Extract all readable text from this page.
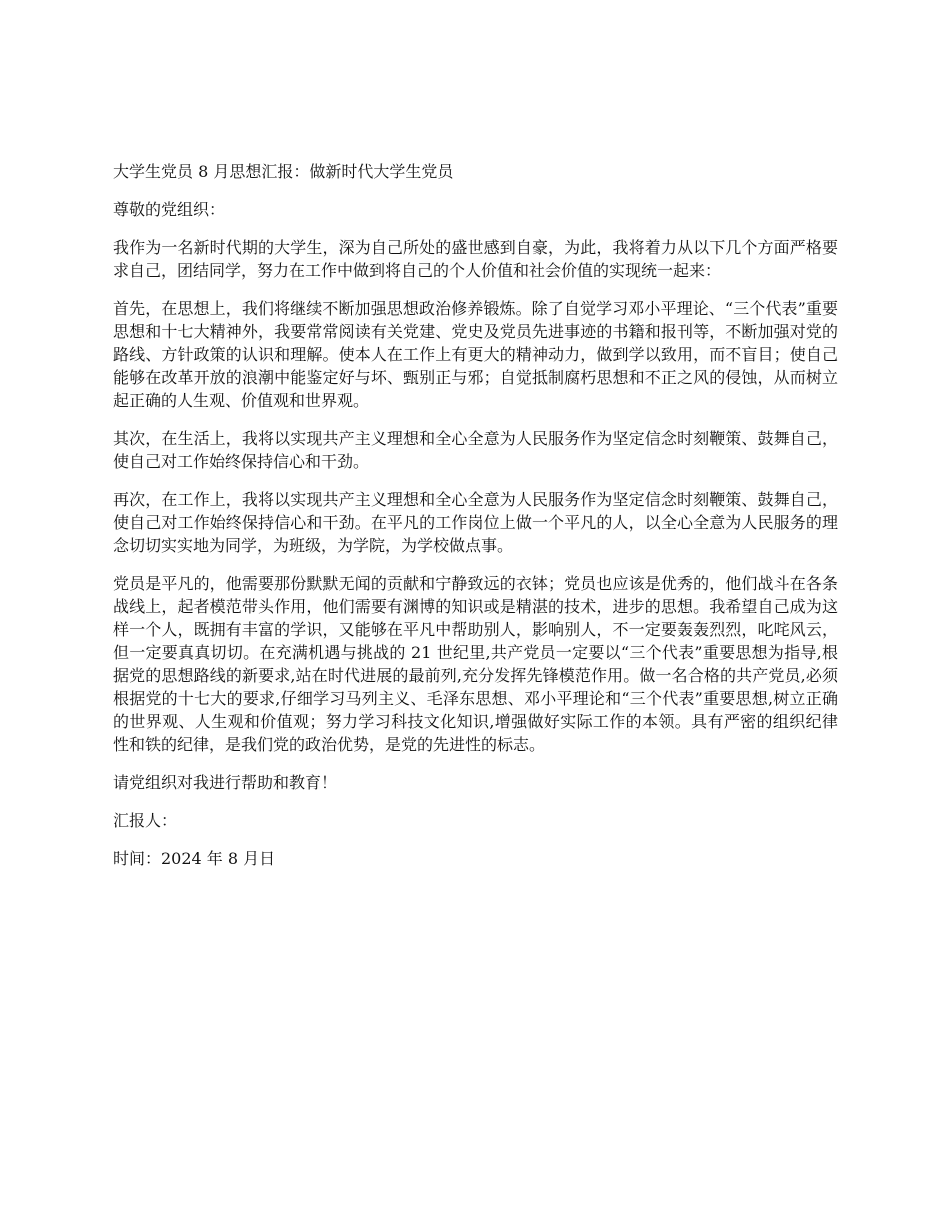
大学生党员 8 月思想汇报：做新时代大学生党员

尊敬的党组织：

我作为一名新时代期的大学生，深为自己所处的盛世感到自豪，为此，我将着力从以下几个方面严格要求自己，团结同学，努力在工作中做到将自己的个人价值和社会价值的实现统一起来：

首先，在思想上，我们将继续不断加强思想政治修养锻炼。除了自觉学习邓小平理论、“三个代表”重要思想和十七大精神外，我要常常阅读有关党建、党史及党员先进事迹的书籍和报刊等，不断加强对党的路线、方针政策的认识和理解。使本人在工作上有更大的精神动力，做到学以致用，而不盲目；使自己能够在改革开放的浪潮中能鉴定好与坏、甄别正与邪；自觉抵制腐朽思想和不正之风的侵蚀，从而树立起正确的人生观、价值观和世界观。

其次，在生活上，我将以实现共产主义理想和全心全意为人民服务作为坚定信念时刻鞭策、鼓舞自己，使自己对工作始终保持信心和干劲。

再次，在工作上，我将以实现共产主义理想和全心全意为人民服务作为坚定信念时刻鞭策、鼓舞自己，使自己对工作始终保持信心和干劲。在平凡的工作岗位上做一个平凡的人，以全心全意为人民服务的理念切切实实地为同学，为班级，为学院，为学校做点事。

党员是平凡的，他需要那份默默无闻的贡献和宁静致远的衣钵；党员也应该是优秀的，他们战斗在各条战线上，起者模范带头作用，他们需要有渊博的知识或是精湛的技术，进步的思想。我希望自己成为这样一个人，既拥有丰富的学识，又能够在平凡中帮助别人，影响别人，不一定要轰轰烈烈，叱咤风云，但一定要真真切切。在充满机遇与挑战的 21 世纪里,共产党员一定要以“三个代表”重要思想为指导,根据党的思想路线的新要求,站在时代进展的最前列,充分发挥先锋模范作用。做一名合格的共产党员,必须根据党的十七大的要求,仔细学习马列主义、毛泽东思想、邓小平理论和“三个代表”重要思想,树立正确的世界观、人生观和价值观；努力学习科技文化知识,增强做好实际工作的本领。具有严密的组织纪律性和铁的纪律，是我们党的政治优势，是党的先进性的标志。

请党组织对我进行帮助和教育！

汇报人：

时间：2024 年 8 月日
